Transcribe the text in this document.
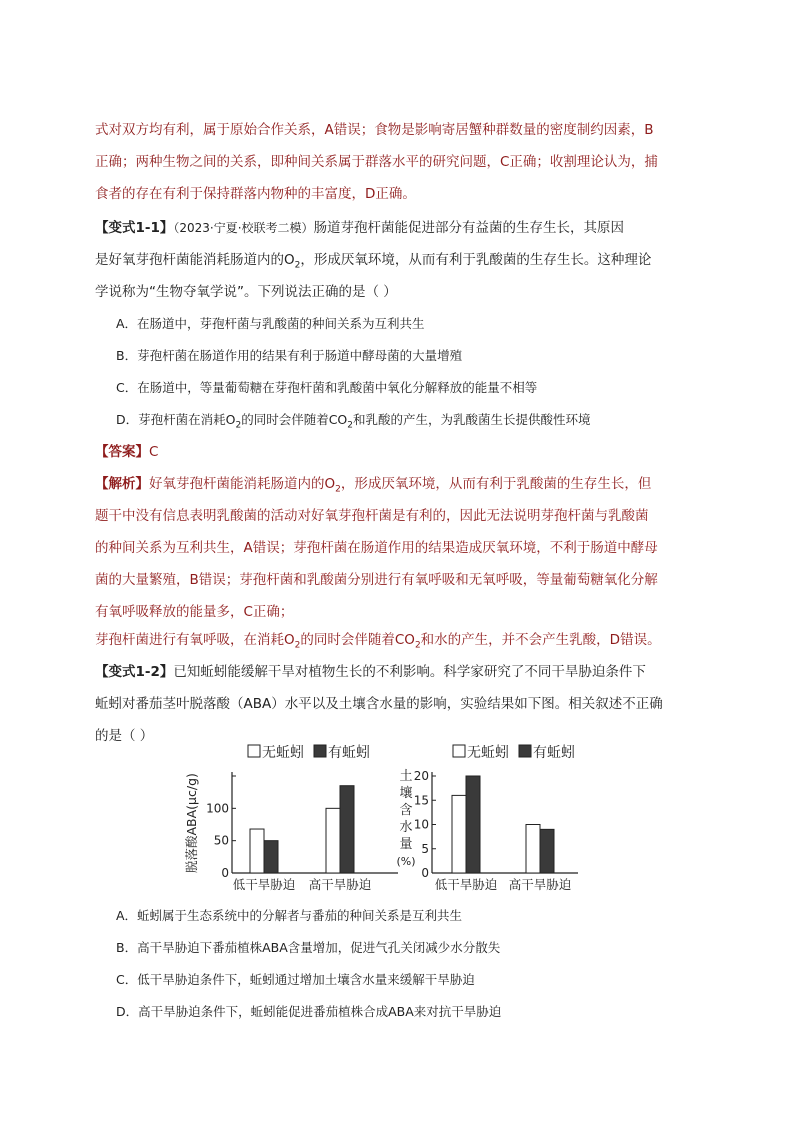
式对双方均有利，属于原始合作关系，A错误；食物是影响寄居蟹种群数量的密度制约因素，B
正确；两种生物之间的关系，即种间关系属于群落水平的研究问题，C正确；收割理论认为，捕
食者的存在有利于保持群落内物种的丰富度，D正确。
【变式1-1】（2023·宁夏·校联考二模）肠道芽孢杆菌能促进部分有益菌的生存生长，其原因
是好氧芽孢杆菌能消耗肠道内的$O_2$，形成厌氧环境，从而有利于乳酸菌的生存生长。这种理论
学说称为“生物夺氧学说”。下列说法正确的是（ ）
A．在肠道中，芽孢杆菌与乳酸菌的种间关系为互利共生
B．芽孢杆菌在肠道作用的结果有利于肠道中酵母菌的大量增殖
C．在肠道中，等量葡萄糖在芽孢杆菌和乳酸菌中氧化分解释放的能量不相等
D．芽孢杆菌在消耗$O_2$的同时会伴随着$CO_2$和乳酸的产生，为乳酸菌生长提供酸性环境
【答案】C
【解析】好氧芽孢杆菌能消耗肠道内的$O_2$，形成厌氧环境，从而有利于乳酸菌的生存生长，但
题干中没有信息表明乳酸菌的活动对好氧芽孢杆菌是有利的，因此无法说明芽孢杆菌与乳酸菌
的种间关系为互利共生，A错误；芽孢杆菌在肠道作用的结果造成厌氧环境，不利于肠道中酵母
菌的大量繁殖，B错误；芽孢杆菌和乳酸菌分别进行有氧呼吸和无氧呼吸，等量葡萄糖氧化分解
有氧呼吸释放的能量多，C正确；
芽孢杆菌进行有氧呼吸，在消耗$O_2$的同时会伴随着$CO_2$和水的产生，并不会产生乳酸，D错误。
【变式1-2】已知蚯蚓能缓解干旱对植物生长的不利影响。科学家研究了不同干旱胁迫条件下
蚯蚓对番茄茎叶脱落酸（ABA）水平以及土壤含水量的影响，实验结果如下图。相关叙述不正确
的是（ ）
0
50
100
脱落酸ABA(μc/g)
低干旱胁迫 高干旱胁迫
无蚯蚓 有蚯蚓
0
5
10
15
20
土
壤
含
水
量
(%)
低干旱胁迫 高干旱胁迫
无蚯蚓 有蚯蚓
A．蚯蚓属于生态系统中的分解者与番茄的种间关系是互利共生
B．高干旱胁迫下番茄植株ABA含量增加，促进气孔关闭减少水分散失
C．低干旱胁迫条件下，蚯蚓通过增加土壤含水量来缓解干旱胁迫
D．高干旱胁迫条件下，蚯蚓能促进番茄植株合成ABA来对抗干旱胁迫
